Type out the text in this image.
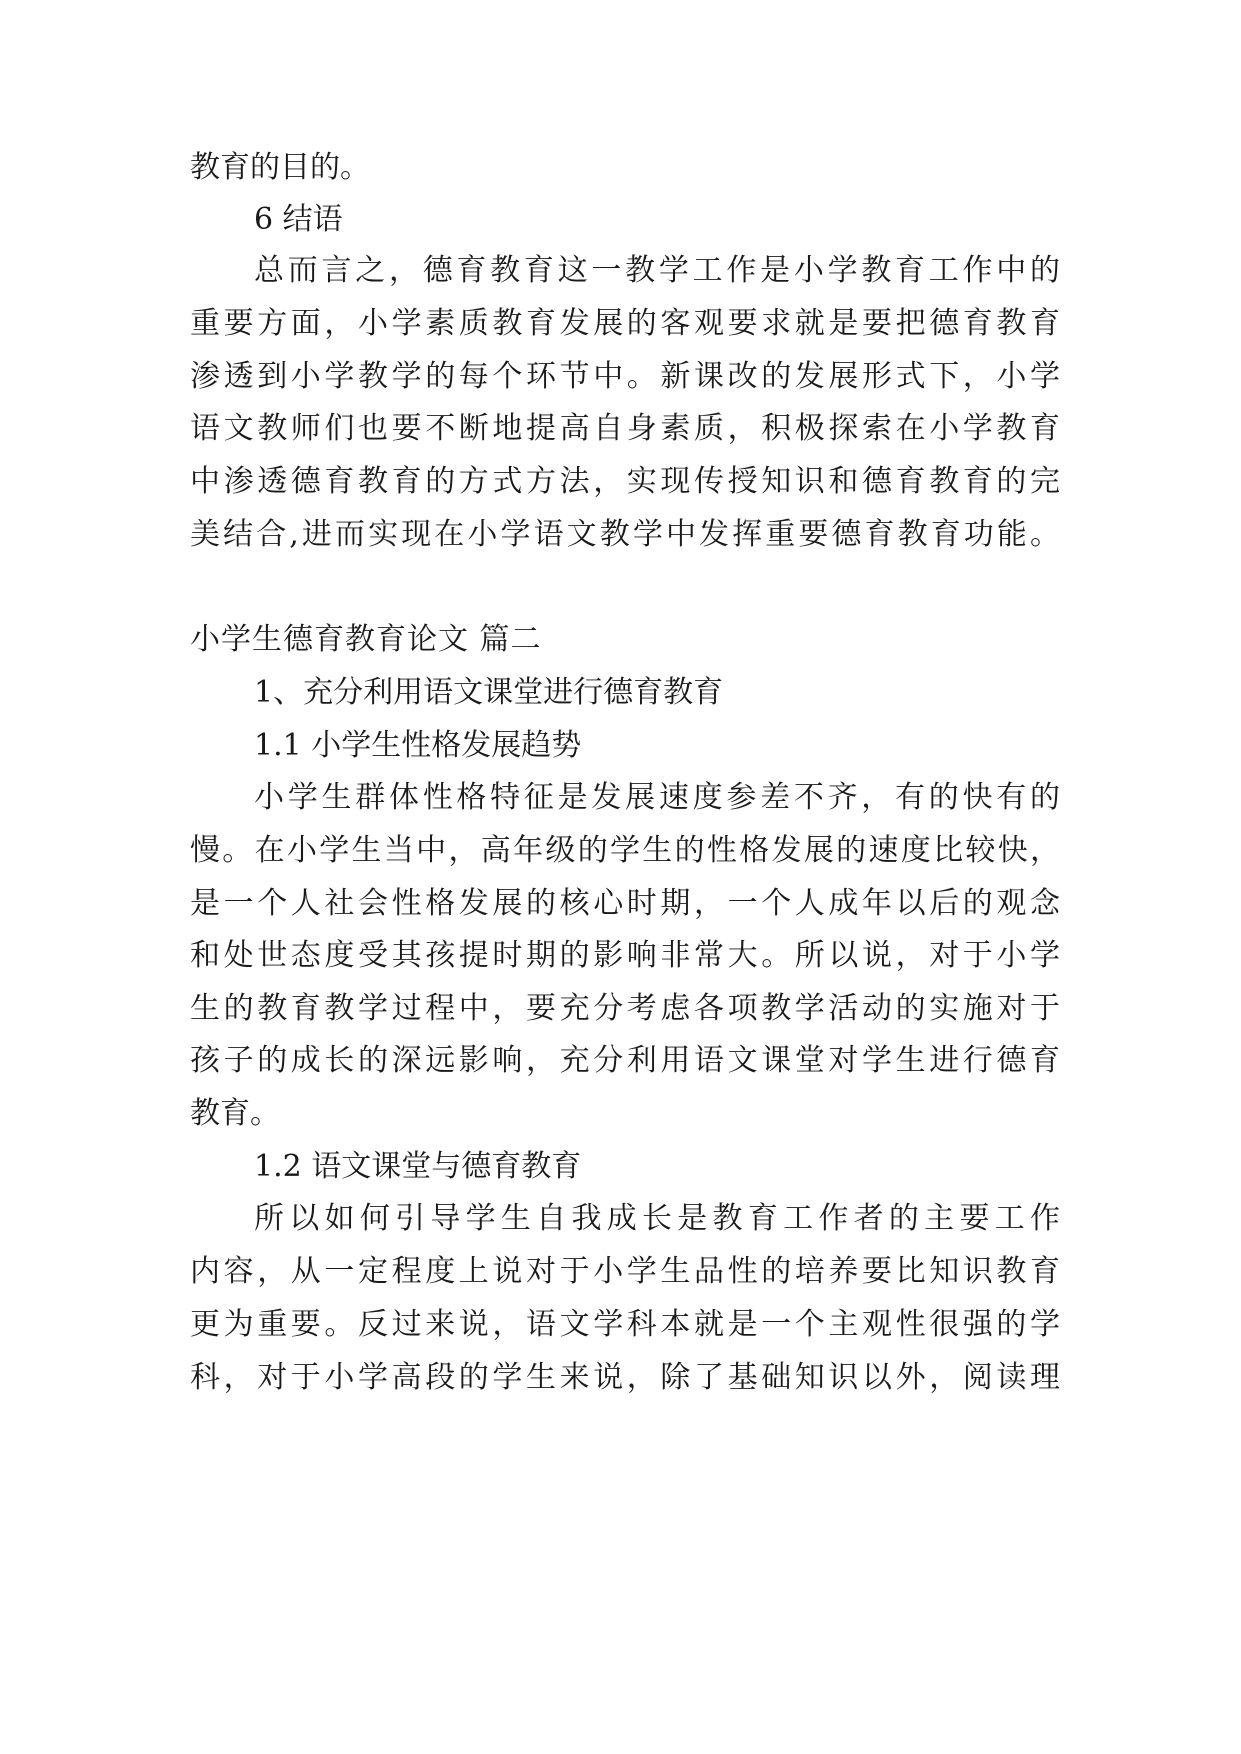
教育的目的。
6 结语
总而言之，德育教育这一教学工作是小学教育工作中的
重要方面，小学素质教育发展的客观要求就是要把德育教育
渗透到小学教学的每个环节中。新课改的发展形式下，小学
语文教师们也要不断地提高自身素质，积极探索在小学教育
中渗透德育教育的方式方法，实现传授知识和德育教育的完
美结合,进而实现在小学语文教学中发挥重要德育教育功能。
小学生德育教育论文 篇二
1、充分利用语文课堂进行德育教育
1.1 小学生性格发展趋势
小学生群体性格特征是发展速度参差不齐，有的快有的
慢。在小学生当中，高年级的学生的性格发展的速度比较快，
是一个人社会性格发展的核心时期，一个人成年以后的观念
和处世态度受其孩提时期的影响非常大。所以说，对于小学
生的教育教学过程中，要充分考虑各项教学活动的实施对于
孩子的成长的深远影响，充分利用语文课堂对学生进行德育
教育。
1.2 语文课堂与德育教育
所以如何引导学生自我成长是教育工作者的主要工作
内容，从一定程度上说对于小学生品性的培养要比知识教育
更为重要。反过来说，语文学科本就是一个主观性很强的学
科，对于小学高段的学生来说，除了基础知识以外，阅读理
